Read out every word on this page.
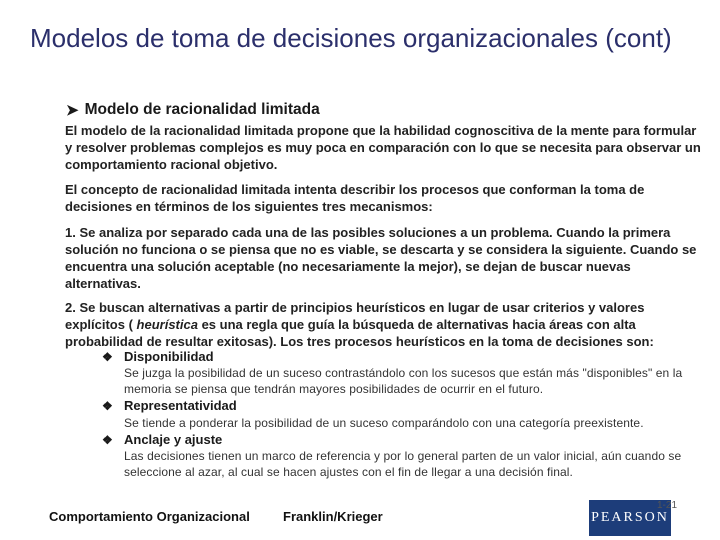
Modelos de toma de decisiones organizacionales (cont)
➤ Modelo de racionalidad limitada
El modelo de la racionalidad limitada propone que la habilidad cognoscitiva de la mente para formular y resolver problemas complejos es muy poca en comparación con lo que se necesita para observar un comportamiento racional objetivo.
El concepto de racionalidad limitada intenta describir los procesos que conforman la toma de decisiones en términos de los siguientes tres mecanismos:
1. Se analiza por separado cada una de las posibles soluciones a un problema. Cuando la primera solución no funciona o se piensa que no es viable, se descarta y se considera la siguiente. Cuando se encuentra una solución aceptable (no necesariamente la mejor), se dejan de buscar nuevas alternativas.
2. Se buscan alternativas a partir de principios heurísticos en lugar de usar criterios y valores explícitos ( heurística es una regla que guía la búsqueda de alternativas hacia áreas con alta probabilidad de resultar exitosas). Los tres procesos heurísticos en la toma de decisiones son:
❖ Disponibilidad
Se juzga la posibilidad de un suceso contrastándolo con los sucesos que están más "disponibles" en la memoria se piensa que tendrán mayores posibilidades de ocurrir en el futuro.
❖ Representatividad
Se tiende a ponderar la posibilidad de un suceso comparándolo con una categoría preexistente.
❖ Anclaje y ajuste
Las decisiones tienen un marco de referencia y por lo general parten de un valor inicial, aún cuando se seleccione al azar, al cual se hacen ajustes con el fin de llegar a una decisión final.
Comportamiento Organizacional	Franklin/Krieger	PEARSON
1-21
